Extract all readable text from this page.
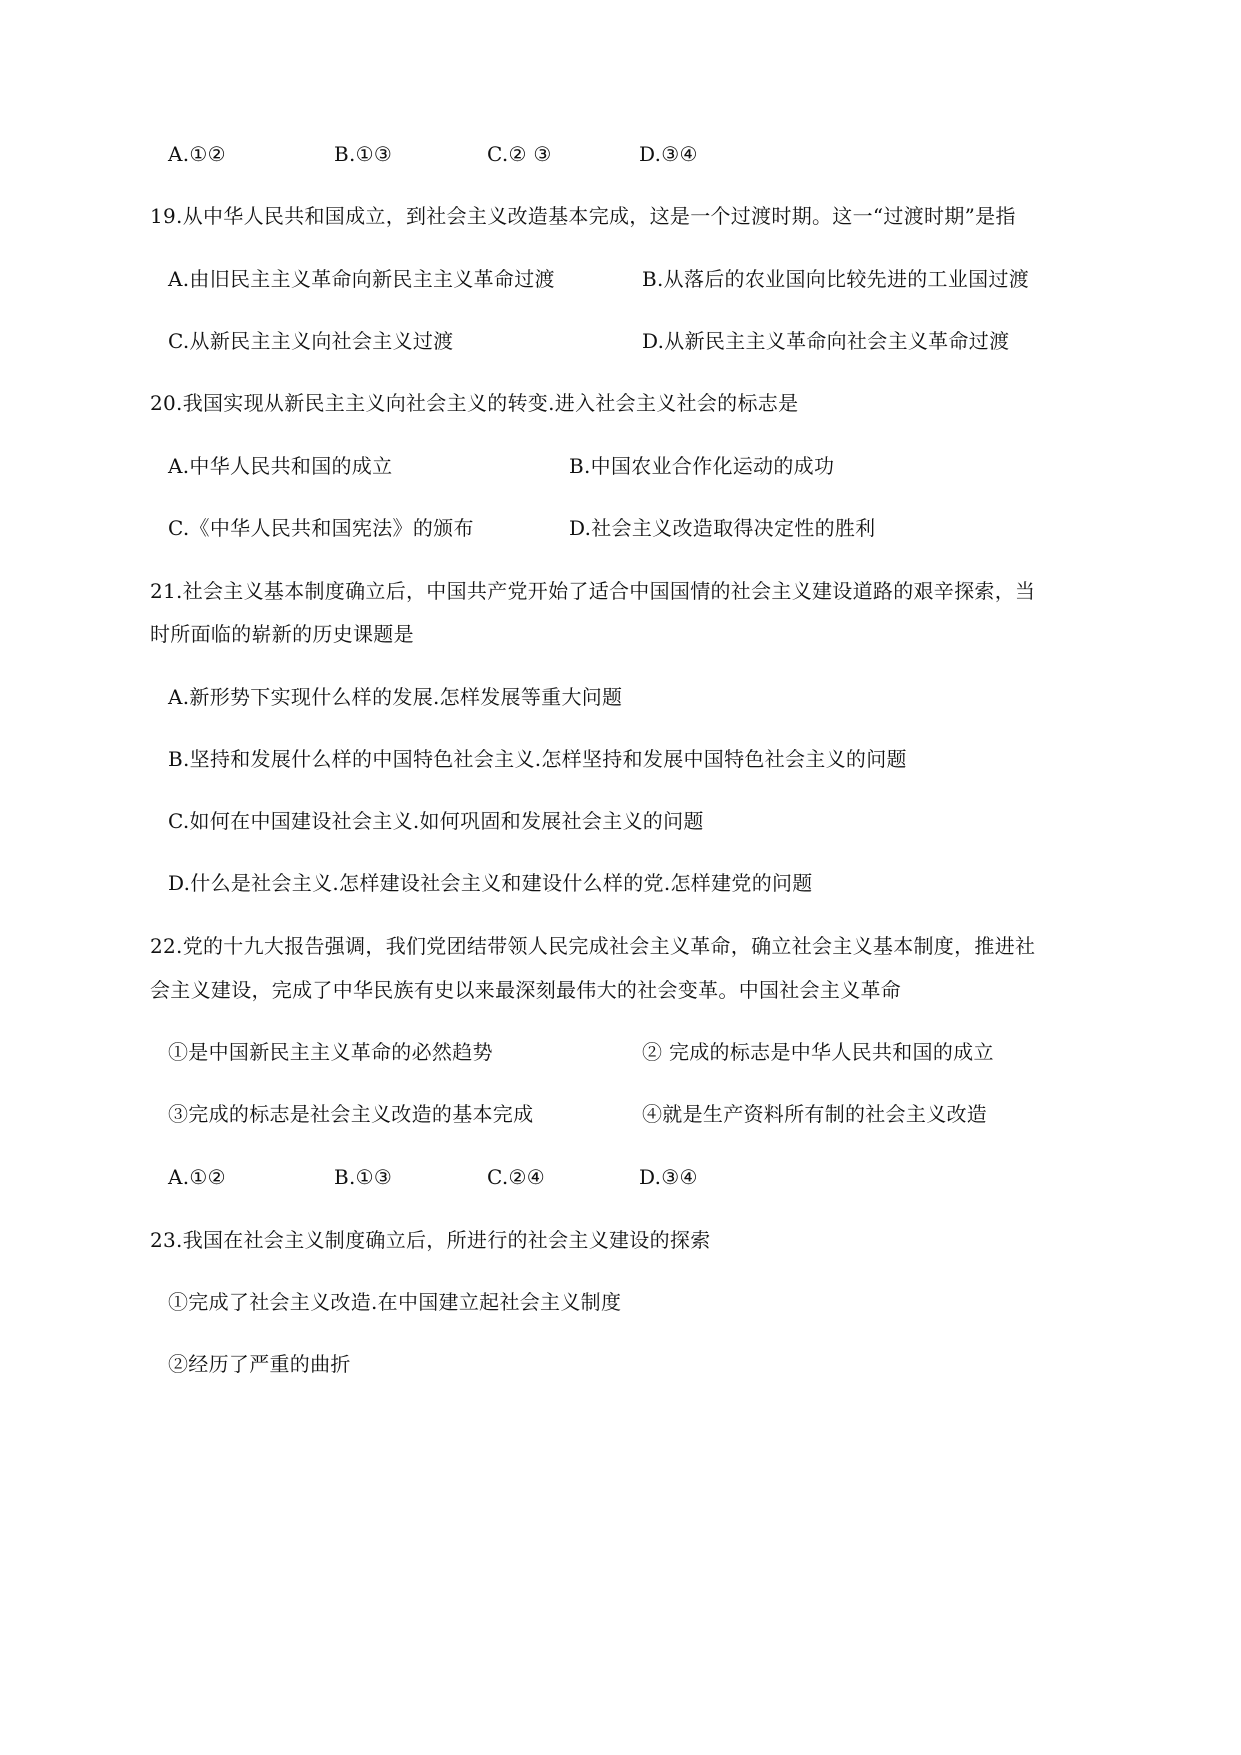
A.①②	B.①③	C.② ③	D.③④
19.从中华人民共和国成立，到社会主义改造基本完成，这是一个过渡时期。这一“过渡时期”是指
A.由旧民主主义革命向新民主主义革命过渡	B.从落后的农业国向比较先进的工业国过渡
C.从新民主主义向社会主义过渡	D.从新民主主义革命向社会主义革命过渡
20.我国实现从新民主主义向社会主义的转变.进入社会主义社会的标志是
A.中华人民共和国的成立	B.中国农业合作化运动的成功
C.《中华人民共和国宪法》的颁布	D.社会主义改造取得决定性的胜利
21.社会主义基本制度确立后，中国共产党开始了适合中国国情的社会主义建设道路的艰辛探索，当
时所面临的崭新的历史课题是
A.新形势下实现什么样的发展.怎样发展等重大问题
B.坚持和发展什么样的中国特色社会主义.怎样坚持和发展中国特色社会主义的问题
C.如何在中国建设社会主义.如何巩固和发展社会主义的问题
D.什么是社会主义.怎样建设社会主义和建设什么样的党.怎样建党的问题
22.党的十九大报告强调，我们党团结带领人民完成社会主义革命，确立社会主义基本制度，推进社
会主义建设，完成了中华民族有史以来最深刻最伟大的社会变革。中国社会主义革命
①是中国新民主主义革命的必然趋势	② 完成的标志是中华人民共和国的成立
③完成的标志是社会主义改造的基本完成	④就是生产资料所有制的社会主义改造
A.①②	B.①③	C.②④	D.③④
23.我国在社会主义制度确立后，所进行的社会主义建设的探索
①完成了社会主义改造.在中国建立起社会主义制度
②经历了严重的曲折
